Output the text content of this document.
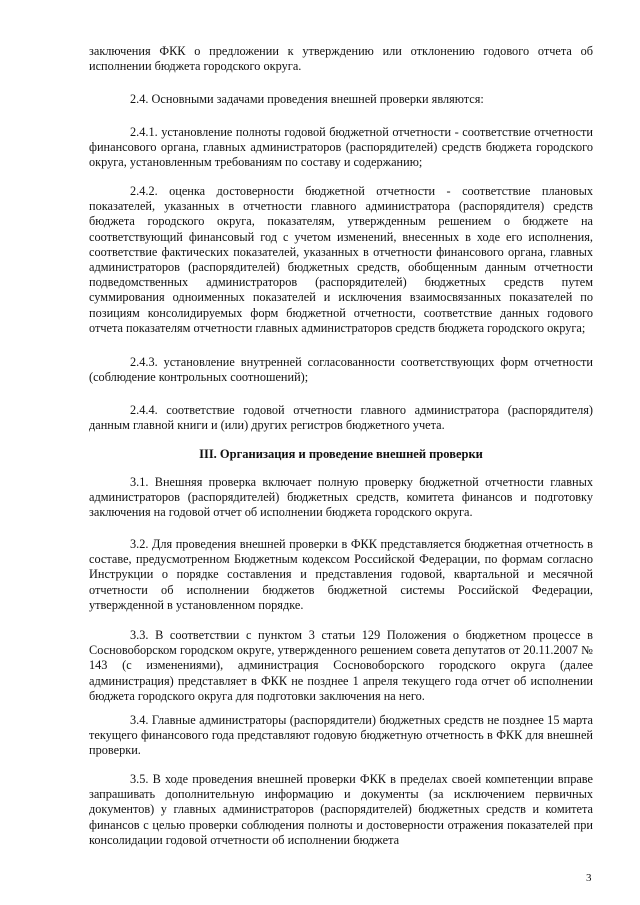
заключения ФКК о предложении к утверждению или отклонению годового отчета об исполнении бюджета городского округа.

2.4. Основными задачами проведения внешней проверки являются:

2.4.1. установление полноты годовой бюджетной отчетности - соответствие отчетности финансового органа, главных администраторов (распорядителей) средств бюджета городского округа, установленным требованиям по составу и содержанию;

2.4.2. оценка достоверности бюджетной отчетности - соответствие плановых показателей, указанных в отчетности главного администратора (распорядителя) средств бюджета городского округа, показателям, утвержденным решением о бюджете на соответствующий финансовый год с учетом изменений, внесенных в ходе его исполнения, соответствие фактических показателей, указанных в отчетности финансового органа, главных администраторов (распорядителей) бюджетных средств, обобщенным данным отчетности подведомственных администраторов (распорядителей) бюджетных средств путем суммирования одноименных показателей и исключения взаимосвязанных показателей по позициям консолидируемых форм бюджетной отчетности, соответствие данных годового отчета показателям отчетности главных администраторов средств бюджета городского округа;

2.4.3. установление внутренней согласованности соответствующих форм отчетности (соблюдение контрольных соотношений);

2.4.4. соответствие годовой отчетности главного администратора (распорядителя) данным главной книги и (или) других регистров бюджетного учета.

III. Организация и проведение внешней проверки

3.1. Внешняя проверка включает полную проверку бюджетной отчетности главных администраторов (распорядителей) бюджетных средств, комитета финансов и подготовку заключения на годовой отчет об исполнении бюджета городского округа.

3.2. Для проведения внешней проверки в ФКК представляется бюджетная отчетность в составе, предусмотренном Бюджетным кодексом Российской Федерации, по формам согласно Инструкции о порядке составления и представления годовой, квартальной и месячной отчетности об исполнении бюджетов бюджетной системы Российской Федерации, утвержденной в установленном порядке.

3.3. В соответствии с пунктом 3 статьи 129 Положения о бюджетном процессе в Сосновоборском городском округе, утвержденного решением совета депутатов от 20.11.2007 № 143 (с изменениями), администрация Сосновоборского городского округа (далее администрация) представляет в ФКК не позднее 1 апреля текущего года отчет об исполнении бюджета городского округа для подготовки заключения на него.

3.4. Главные администраторы (распорядители) бюджетных средств не позднее 15 марта текущего финансового года представляют годовую бюджетную отчетность в ФКК для внешней проверки.

3.5. В ходе проведения внешней проверки ФКК в пределах своей компетенции вправе запрашивать дополнительную информацию и документы (за исключением первичных документов) у главных администраторов (распорядителей) бюджетных средств и комитета финансов с целью проверки соблюдения полноты и достоверности отражения показателей при консолидации годовой отчетности об исполнении бюджета

3
